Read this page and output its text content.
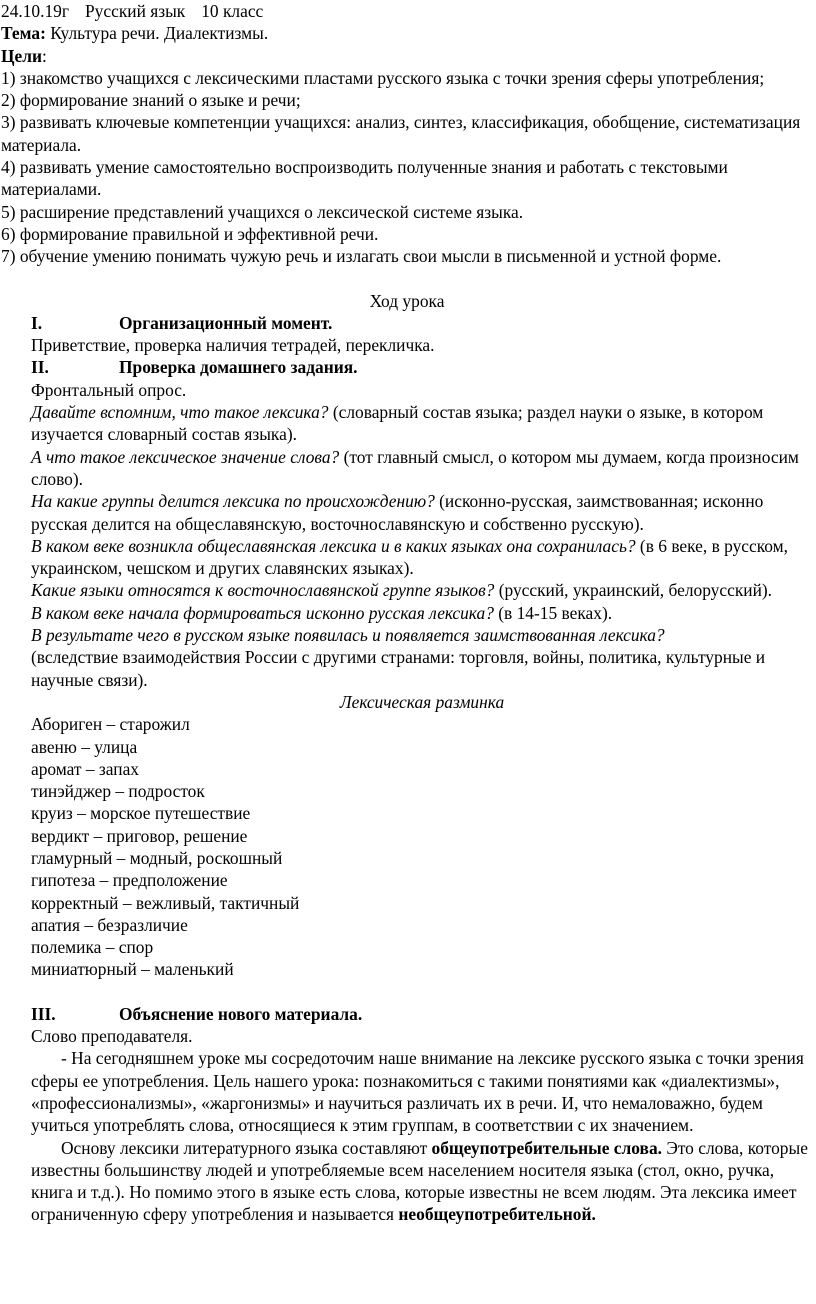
24.10.19г Русский язык 10 класс

Тема: Культура речи. Диалектизмы.

Цели:

1) знакомство учащихся с лексическими пластами русского языка с точки зрения сферы употребления;

2) формирование знаний о языке и речи;

3) развивать ключевые компетенции учащихся: анализ, синтез, классификация, обобщение, систематизация материала.

4) развивать умение самостоятельно воспроизводить полученные знания и работать с текстовыми материалами.

5) расширение представлений учащихся о лексической системе языка.

6) формирование правильной и эффективной речи.

7) обучение умению понимать чужую речь и излагать свои мысли в письменной и устной форме.

Ход урока

I.	Организационный момент.

Приветствие, проверка наличия тетрадей, перекличка.

II.	Проверка домашнего задания.

Фронтальный опрос.

Давайте вспомним, что такое лексика? (словарный состав языка; раздел науки о языке, в котором изучается словарный состав языка).

А что такое лексическое значение слова? (тот главный смысл, о котором мы думаем, когда произносим слово).

На какие группы делится лексика по происхождению? (исконно-русская, заимствованная; исконно русская делится на общеславянскую, восточнославянскую и собственно русскую).

В каком веке возникла общеславянская лексика и в каких языках она сохранилась? (в 6 веке, в русском, украинском, чешском и других славянских языках).

Какие языки относятся к восточнославянской группе языков? (русский, украинский, белорусский).

В каком веке начала формироваться исконно русская лексика? (в 14-15 веках).

В результате чего в русском языке появилась и появляется заимствованная лексика?
(вследствие взаимодействия России с другими странами: торговля, войны, политика, культурные и научные связи).

Лексическая разминка

Абориген – старожил

авеню – улица

аромат – запах

тинэйджер – подросток

круиз – морское путешествие

вердикт – приговор, решение

гламурный – модный, роскошный

гипотеза – предположение

корректный – вежливый, тактичный

апатия – безразличие

полемика – спор

миниатюрный – маленький

III.	Объяснение нового материала.

Слово преподавателя.

- На сегодняшнем уроке мы сосредоточим наше внимание на лексике русского языка с точки зрения сферы ее употребления. Цель нашего урока: познакомиться с такими понятиями как «диалектизмы», «профессионализмы», «жаргонизмы» и научиться различать их в речи. И, что немаловажно, будем учиться употреблять слова, относящиеся к этим группам, в соответствии с их значением.

Основу лексики литературного языка составляют общеупотребительные слова. Это слова, которые известны большинству людей и употребляемые всем населением носителя языка (стол, окно, ручка, книга и т.д.). Но помимо этого в языке есть слова, которые известны не всем людям. Эта лексика имеет ограниченную сферу употребления и называется необщеупотребительной.
